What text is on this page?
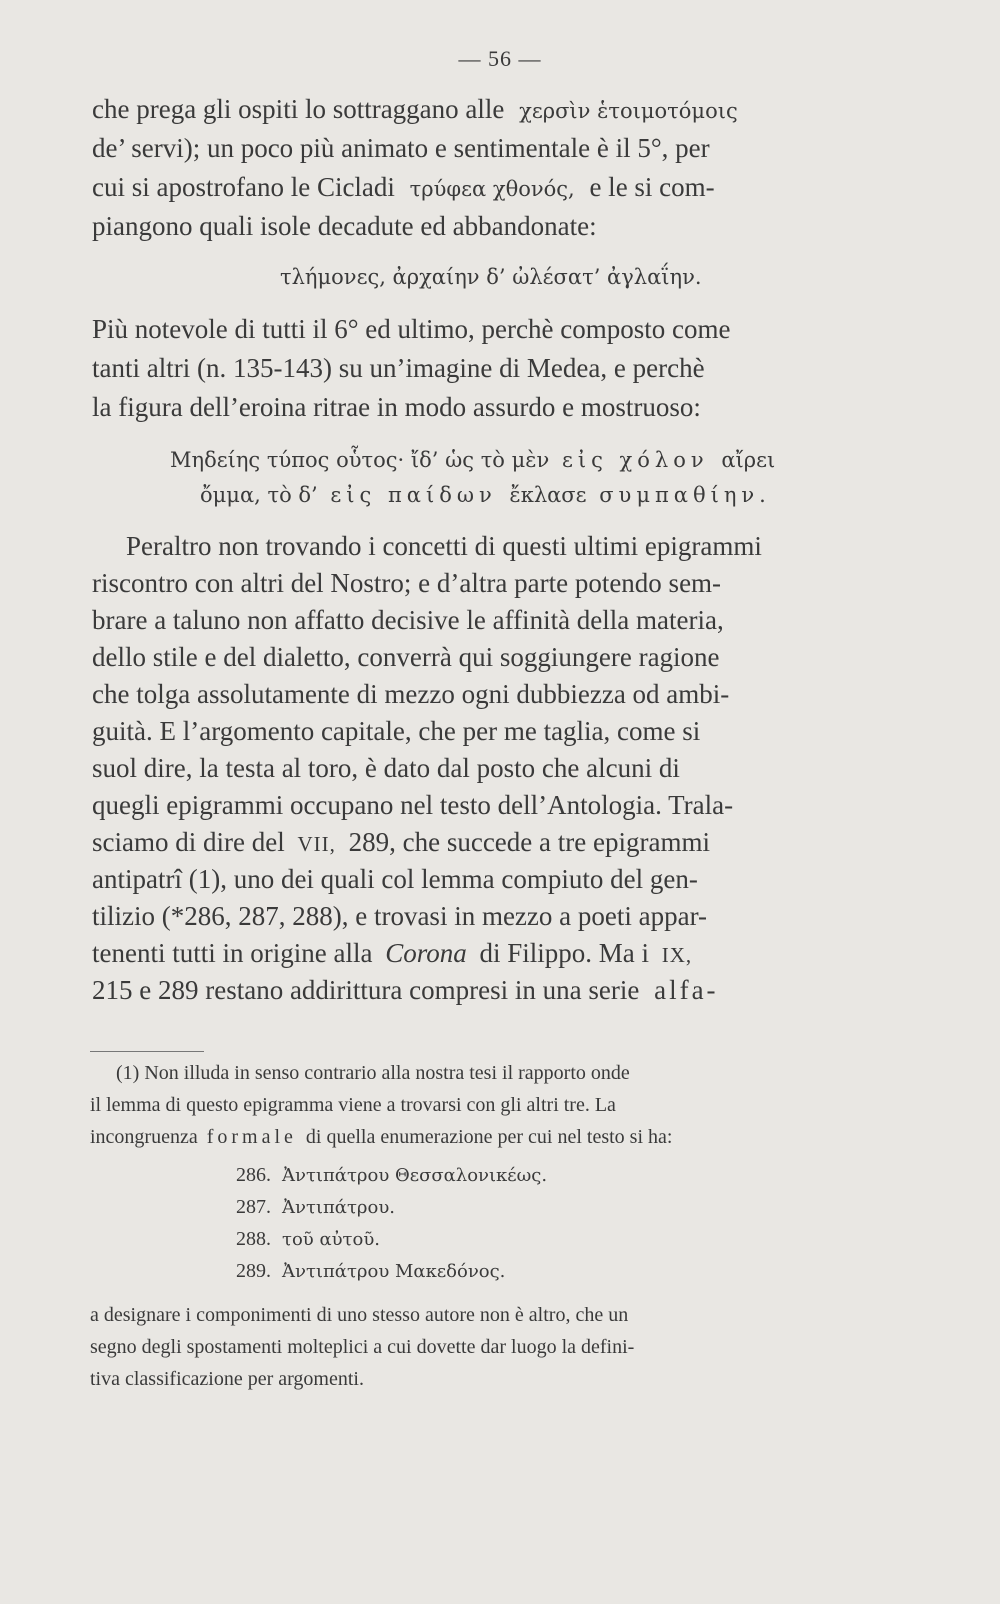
— 56 —
che prega gli ospiti lo sottraggano alle χερσὶν ἑτοιμοτόμοις
de’ servi); un poco più animato e sentimentale è il 5°, per
cui si apostrofano le Cicladi τρύφεα χθονός, e le si com-
piangono quali isole decadute ed abbandonate:
τλήμονες, ἀρχαίην δ’ ὠλέσατ’ ἀγλαΐην.
Più notevole di tutti il 6° ed ultimo, perchè composto come
tanti altri (n. 135-143) su un’imagine di Medea, e perchè
la figura dell’eroina ritrae in modo assurdo e mostruoso:
Μηδείης τύπος οὗτος· ἴδ’ ὡς τὸ μὲν εἰς χόλον αἴρει
ὄμμα, τὸ δ’ εἰς παίδων ἔκλασε συμπαθίην.
Peraltro non trovando i concetti di questi ultimi epigrammi
riscontro con altri del Nostro; e d’altra parte potendo sem-
brare a taluno non affatto decisive le affinità della materia,
dello stile e del dialetto, converrà qui soggiungere ragione
che tolga assolutamente di mezzo ogni dubbiezza od ambi-
guità. E l’argomento capitale, che per me taglia, come si
suol dire, la testa al toro, è dato dal posto che alcuni di
quegli epigrammi occupano nel testo dell’Antologia. Trala-
sciamo di dire del VII, 289, che succede a tre epigrammi
antipatrî (1), uno dei quali col lemma compiuto del gen-
tilizio (*286, 287, 288), e trovasi in mezzo a poeti appar-
tenenti tutti in origine alla Corona di Filippo. Ma i IX,
215 e 289 restano addirittura compresi in una serie alfa-
(1) Non illuda in senso contrario alla nostra tesi il rapporto onde
il lemma di questo epigramma viene a trovarsi con gli altri tre. La
incongruenza formale di quella enumerazione per cui nel testo si ha:
286. Ἀντιπάτρου Θεσσαλονικέως.
287. Ἀντιπάτρου.
288. τοῦ αὐτοῦ.
289. Ἀντιπάτρου Μακεδόνος.
a designare i componimenti di uno stesso autore non è altro, che un
segno degli spostamenti molteplici a cui dovette dar luogo la defini-
tiva classificazione per argomenti.
